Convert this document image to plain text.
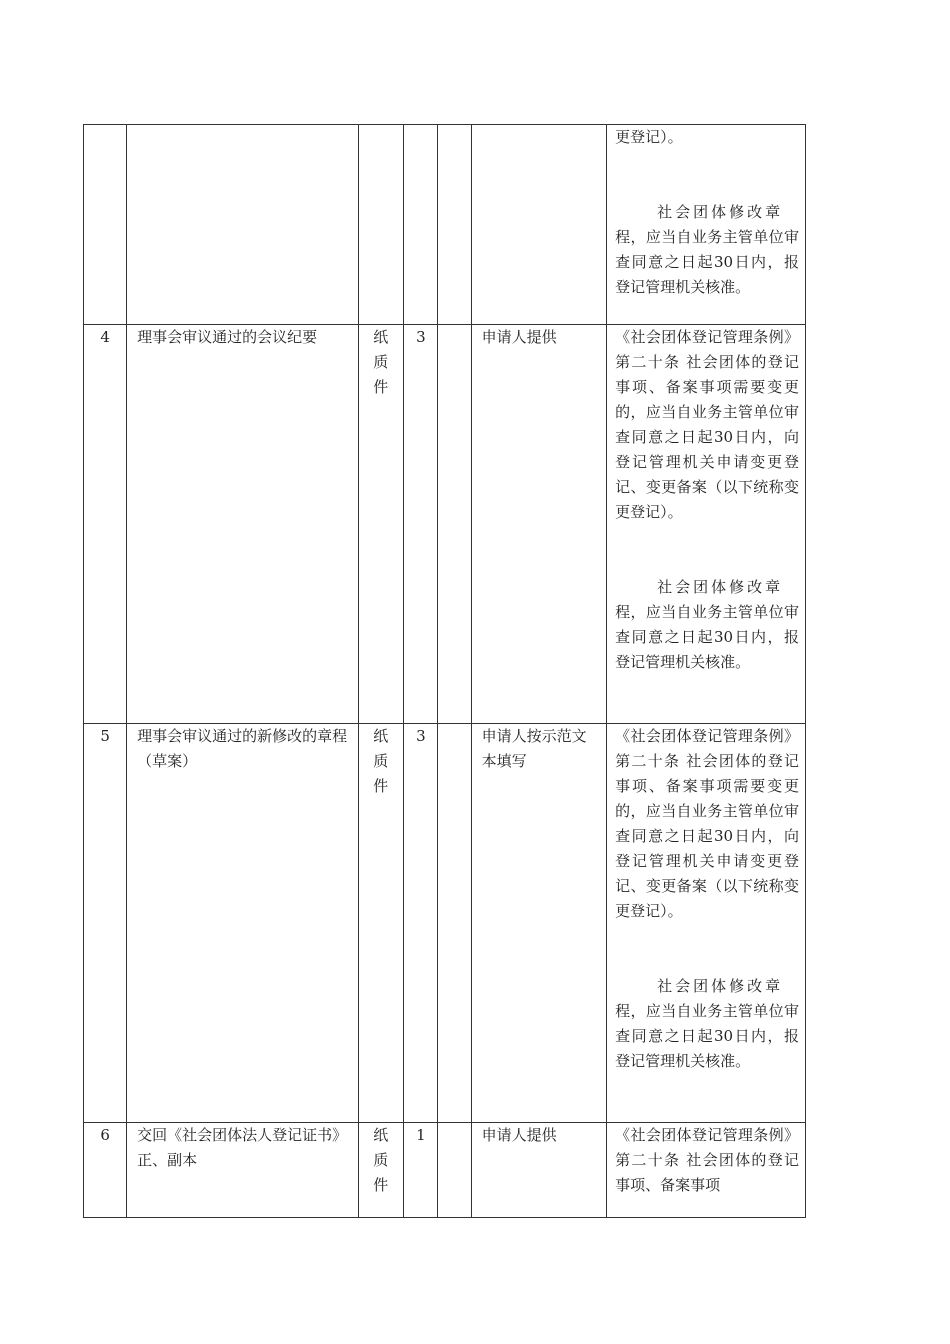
						更登记）。
社会团体修改章
程，应当自业务主管单位审查同意之日起30日内，报登记管理机关核准。

4	理事会审议通过的会议纪要	纸质件	3		申请人提供	《社会团体登记管理条例》第二十条 社会团体的登记事项、备案事项需要变更的，应当自业务主管单位审查同意之日起30日内，向登记管理机关申请变更登记、变更备案（以下统称变更登记）。
社会团体修改章
程，应当自业务主管单位审查同意之日起30日内，报登记管理机关核准。

5	理事会审议通过的新修改的章程（草案）	纸质件	3		申请人按示范文本填写	《社会团体登记管理条例》第二十条 社会团体的登记事项、备案事项需要变更的，应当自业务主管单位审查同意之日起30日内，向登记管理机关申请变更登记、变更备案（以下统称变更登记）。
社会团体修改章
程，应当自业务主管单位审查同意之日起30日内，报登记管理机关核准。

6	交回《社会团体法人登记证书》正、副本	纸质件	1		申请人提供	《社会团体登记管理条例》第二十条 社会团体的登记事项、备案事项
